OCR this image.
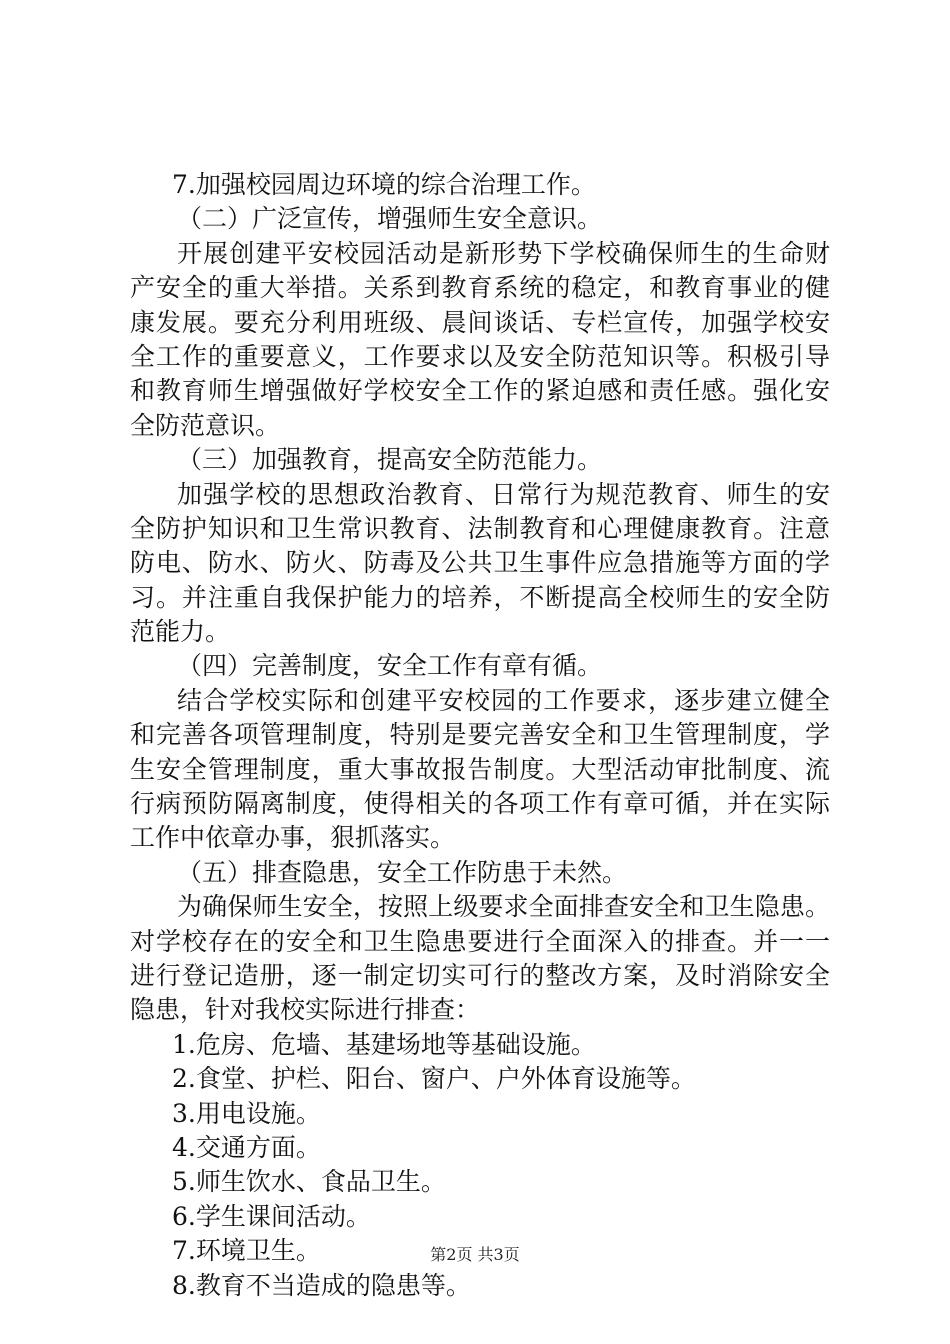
7.加强校园周边环境的综合治理工作。
（二）广泛宣传，增强师生安全意识。
开展创建平安校园活动是新形势下学校确保师生的生命财
产安全的重大举措。关系到教育系统的稳定，和教育事业的健
康发展。要充分利用班级、晨间谈话、专栏宣传，加强学校安
全工作的重要意义，工作要求以及安全防范知识等。积极引导
和教育师生增强做好学校安全工作的紧迫感和责任感。强化安
全防范意识。
（三）加强教育，提高安全防范能力。
加强学校的思想政治教育、日常行为规范教育、师生的安
全防护知识和卫生常识教育、法制教育和心理健康教育。注意
防电、防水、防火、防毒及公共卫生事件应急措施等方面的学
习。并注重自我保护能力的培养，不断提高全校师生的安全防
范能力。
（四）完善制度，安全工作有章有循。
结合学校实际和创建平安校园的工作要求，逐步建立健全
和完善各项管理制度，特别是要完善安全和卫生管理制度，学
生安全管理制度，重大事故报告制度。大型活动审批制度、流
行病预防隔离制度，使得相关的各项工作有章可循，并在实际
工作中依章办事，狠抓落实。
（五）排查隐患，安全工作防患于未然。
为确保师生安全，按照上级要求全面排查安全和卫生隐患。
对学校存在的安全和卫生隐患要进行全面深入的排查。并一一
进行登记造册，逐一制定切实可行的整改方案，及时消除安全
隐患，针对我校实际进行排查：
1.危房、危墙、基建场地等基础设施。
2.食堂、护栏、阳台、窗户、户外体育设施等。
3.用电设施。
4.交通方面。
5.师生饮水、食品卫生。
6.学生课间活动。
7.环境卫生。
8.教育不当造成的隐患等。
第2页 共3页
